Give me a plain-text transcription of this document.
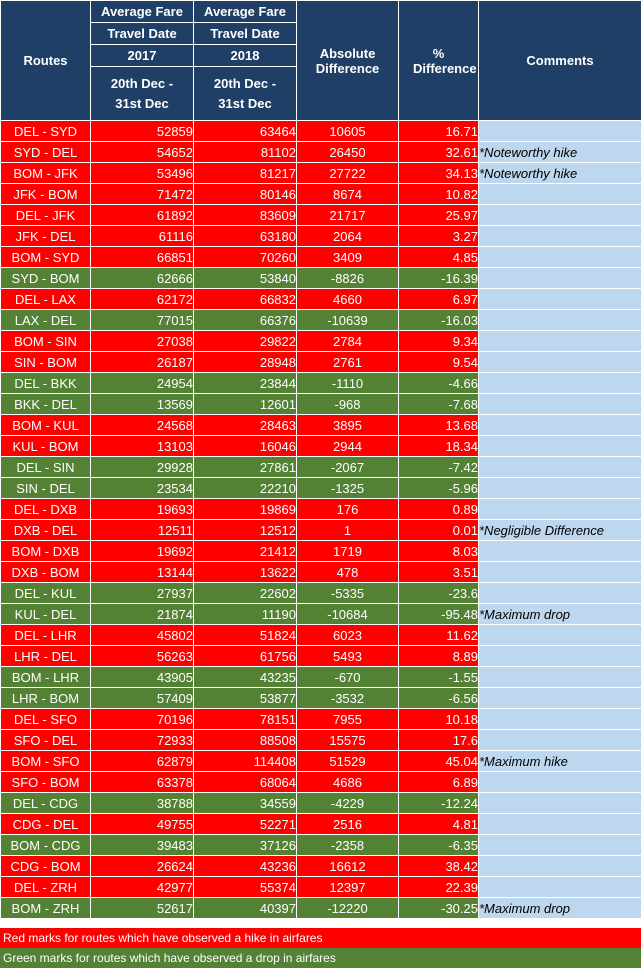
Routes	Average Fare	Average Fare	Absolute Difference	% Difference	Comments
	Travel Date	Travel Date			
	2017	2018			
	20th Dec - 31st Dec	20th Dec - 31st Dec			
DEL - SYD	52859	63464	10605	16.71	
SYD - DEL	54652	81102	26450	32.61	*Noteworthy hike
BOM - JFK	53496	81217	27722	34.13	*Noteworthy hike
JFK - BOM	71472	80146	8674	10.82	
DEL - JFK	61892	83609	21717	25.97	
JFK - DEL	61116	63180	2064	3.27	
BOM - SYD	66851	70260	3409	4.85	
SYD - BOM	62666	53840	-8826	-16.39	
DEL - LAX	62172	66832	4660	6.97	
LAX - DEL	77015	66376	-10639	-16.03	
BOM - SIN	27038	29822	2784	9.34	
SIN - BOM	26187	28948	2761	9.54	
DEL - BKK	24954	23844	-1110	-4.66	
BKK - DEL	13569	12601	-968	-7.68	
BOM - KUL	24568	28463	3895	13.68	
KUL - BOM	13103	16046	2944	18.34	
DEL - SIN	29928	27861	-2067	-7.42	
SIN - DEL	23534	22210	-1325	-5.96	
DEL - DXB	19693	19869	176	0.89	
DXB - DEL	12511	12512	1	0.01	*Negligible Difference
BOM - DXB	19692	21412	1719	8.03	
DXB - BOM	13144	13622	478	3.51	
DEL - KUL	27937	22602	-5335	-23.6	
KUL - DEL	21874	11190	-10684	-95.48	*Maximum drop
DEL - LHR	45802	51824	6023	11.62	
LHR - DEL	56263	61756	5493	8.89	
BOM - LHR	43905	43235	-670	-1.55	
LHR - BOM	57409	53877	-3532	-6.56	
DEL - SFO	70196	78151	7955	10.18	
SFO - DEL	72933	88508	15575	17.6	
BOM - SFO	62879	114408	51529	45.04	*Maximum hike
SFO - BOM	63378	68064	4686	6.89	
DEL - CDG	38788	34559	-4229	-12.24	
CDG - DEL	49755	52271	2516	4.81	
BOM - CDG	39483	37126	-2358	-6.35	
CDG - BOM	26624	43236	16612	38.42	
DEL - ZRH	42977	55374	12397	22.39	
BOM - ZRH	52617	40397	-12220	-30.25	*Maximum drop
Red marks for routes which have observed a hike in airfares
Green marks for routes which have observed a drop in airfares
